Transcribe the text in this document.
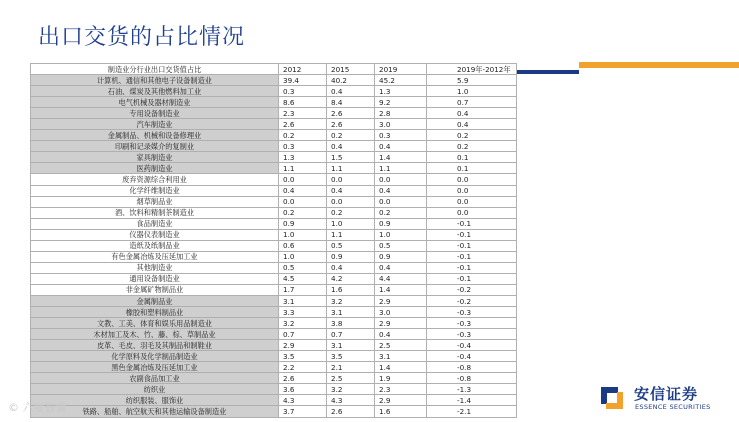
出口交货的占比情况
制造业分行业出口交货值占比	2012	2015	2019	2019年-2012年
计算机、通信和其他电子设备制造业	39.4	40.2	45.2	5.9
石油、煤炭及其他燃料加工业	0.3	0.4	1.3	1.0
电气机械及器材制造业	8.6	8.4	9.2	0.7
专用设备制造业	2.3	2.6	2.8	0.4
汽车制造业	2.6	2.6	3.0	0.4
金属制品、机械和设备修理业	0.2	0.2	0.3	0.2
印刷和记录媒介的复制业	0.3	0.4	0.4	0.2
家具制造业	1.3	1.5	1.4	0.1
医药制造业	1.1	1.1	1.1	0.1
废弃资源综合利用业	0.0	0.0	0.0	0.0
化学纤维制造业	0.4	0.4	0.4	0.0
烟草制品业	0.0	0.0	0.0	0.0
酒、饮料和精制茶制造业	0.2	0.2	0.2	0.0
食品制造业	0.9	1.0	0.9	-0.1
仪器仪表制造业	1.0	1.1	1.0	-0.1
造纸及纸制品业	0.6	0.5	0.5	-0.1
有色金属冶炼及压延加工业	1.0	0.9	0.9	-0.1
其他制造业	0.5	0.4	0.4	-0.1
通用设备制造业	4.5	4.2	4.4	-0.1
非金属矿物制品业	1.7	1.6	1.4	-0.2
金属制品业	3.1	3.2	2.9	-0.2
橡胶和塑料制品业	3.3	3.1	3.0	-0.3
文教、工美、体育和娱乐用品制造业	3.2	3.8	2.9	-0.3
木材加工及木、竹、藤、棕、草制品业	0.7	0.7	0.4	-0.3
皮革、毛皮、羽毛及其制品和制鞋业	2.9	3.1	2.5	-0.4
化学原料及化学制品制造业	3.5	3.5	3.1	-0.4
黑色金属冶炼及压延加工业	2.2	2.1	1.4	-0.8
农副食品加工业	2.6	2.5	1.9	-0.8
纺织业	3.6	3.2	2.3	-1.3
纺织服装、服饰业	4.3	4.3	2.9	-1.4
铁路、船舶、航空航天和其他运输设备制造业	3.7	2.6	1.6	-2.1
© 六度智囊
安信证券
ESSENCE SECURITIES
